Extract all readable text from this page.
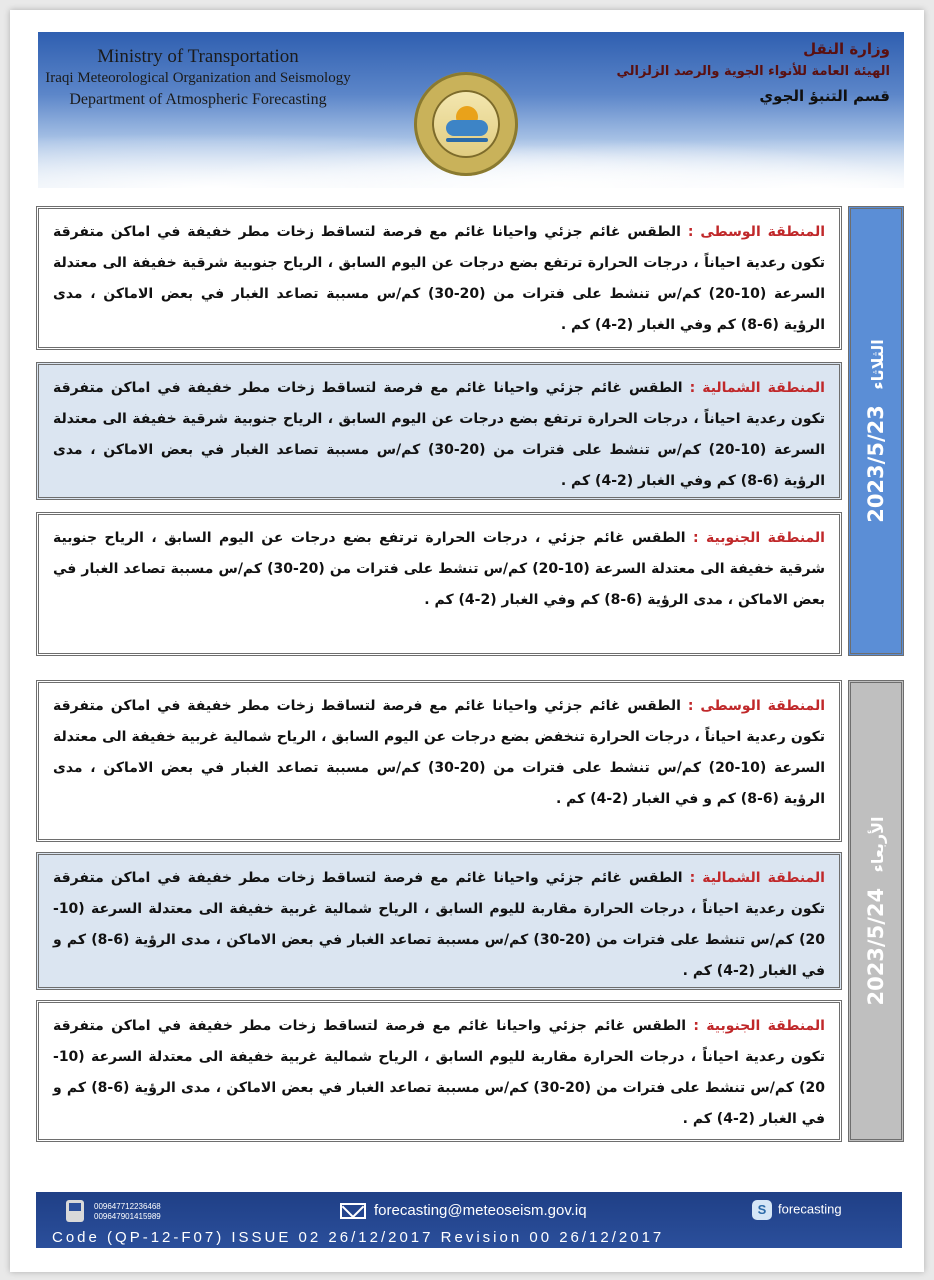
Ministry of Transportation
Iraqi Meteorological Organization and Seismology
Department of Atmospheric Forecasting
وزارة النقل
الهيئة العامة للأنواء الجوية والرصد الزلزالي
قسم التنبؤ الجوي
المنطقة الوسطى : الطقس غائم جزئي واحيانا غائم مع فرصة لتساقط زخات مطر خفيفة في اماكن متفرقة تكون رعدية احياناً ، درجات الحرارة ترتفع بضع درجات عن اليوم السابق ، الرياح جنوبية شرقية خفيفة الى معتدلة السرعة (10-20) كم/س تنشط على فترات من (20-30) كم/س مسببة تصاعد الغبار في بعض الاماكن ، مدى الرؤية (6-8) كم وفي الغبار (2-4) كم .
المنطقة الشمالية : الطقس غائم جزئي واحيانا غائم مع فرصة لتساقط زخات مطر خفيفة في اماكن متفرقة تكون رعدية احياناً ، درجات الحرارة ترتفع بضع درجات عن اليوم السابق ، الرياح جنوبية شرقية خفيفة الى معتدلة السرعة (10-20) كم/س تنشط على فترات من (20-30) كم/س مسببة تصاعد الغبار في بعض الاماكن ، مدى الرؤية (6-8) كم وفي الغبار (2-4) كم .
المنطقة الجنوبية : الطقس غائم جزئي ، درجات الحرارة ترتفع بضع درجات عن اليوم السابق ، الرياح جنوبية شرقية خفيفة الى معتدلة السرعة (10-20) كم/س تنشط على فترات من (20-30) كم/س مسببة تصاعد الغبار في بعض الاماكن ، مدى الرؤية (6-8) كم وفي الغبار (2-4) كم .
2023/5/23 الثلاثاء
المنطقة الوسطى : الطقس غائم جزئي واحيانا غائم مع فرصة لتساقط زخات مطر خفيفة في اماكن متفرقة تكون رعدية احياناً ، درجات الحرارة تنخفض بضع درجات عن اليوم السابق ، الرياح شمالية غربية خفيفة الى معتدلة السرعة (10-20) كم/س تنشط على فترات من (20-30) كم/س مسببة تصاعد الغبار في بعض الاماكن ، مدى الرؤية (6-8) كم و في الغبار (2-4) كم .
المنطقة الشمالية : الطقس غائم جزئي واحيانا غائم مع فرصة لتساقط زخات مطر خفيفة في اماكن متفرقة تكون رعدية احياناً ، درجات الحرارة مقاربة لليوم السابق ، الرياح شمالية غربية خفيفة الى معتدلة السرعة (10-20) كم/س تنشط على فترات من (20-30) كم/س مسببة تصاعد الغبار في بعض الاماكن ، مدى الرؤية (6-8) كم و في الغبار (2-4) كم .
المنطقة الجنوبية : الطقس غائم جزئي واحيانا غائم مع فرصة لتساقط زخات مطر خفيفة في اماكن متفرقة تكون رعدية احياناً ، درجات الحرارة مقاربة لليوم السابق ، الرياح شمالية غربية خفيفة الى معتدلة السرعة (10-20) كم/س تنشط على فترات من (20-30) كم/س مسببة تصاعد الغبار في بعض الاماكن ، مدى الرؤية (6-8) كم و في الغبار (2-4) كم .
2023/5/24 الأربعاء
009647712236468
009647901415989	forecasting@meteoseism.gov.iq	S forecasting
Code (QP-12-F07) ISSUE 02 26/12/2017 Revision 00 26/12/2017
